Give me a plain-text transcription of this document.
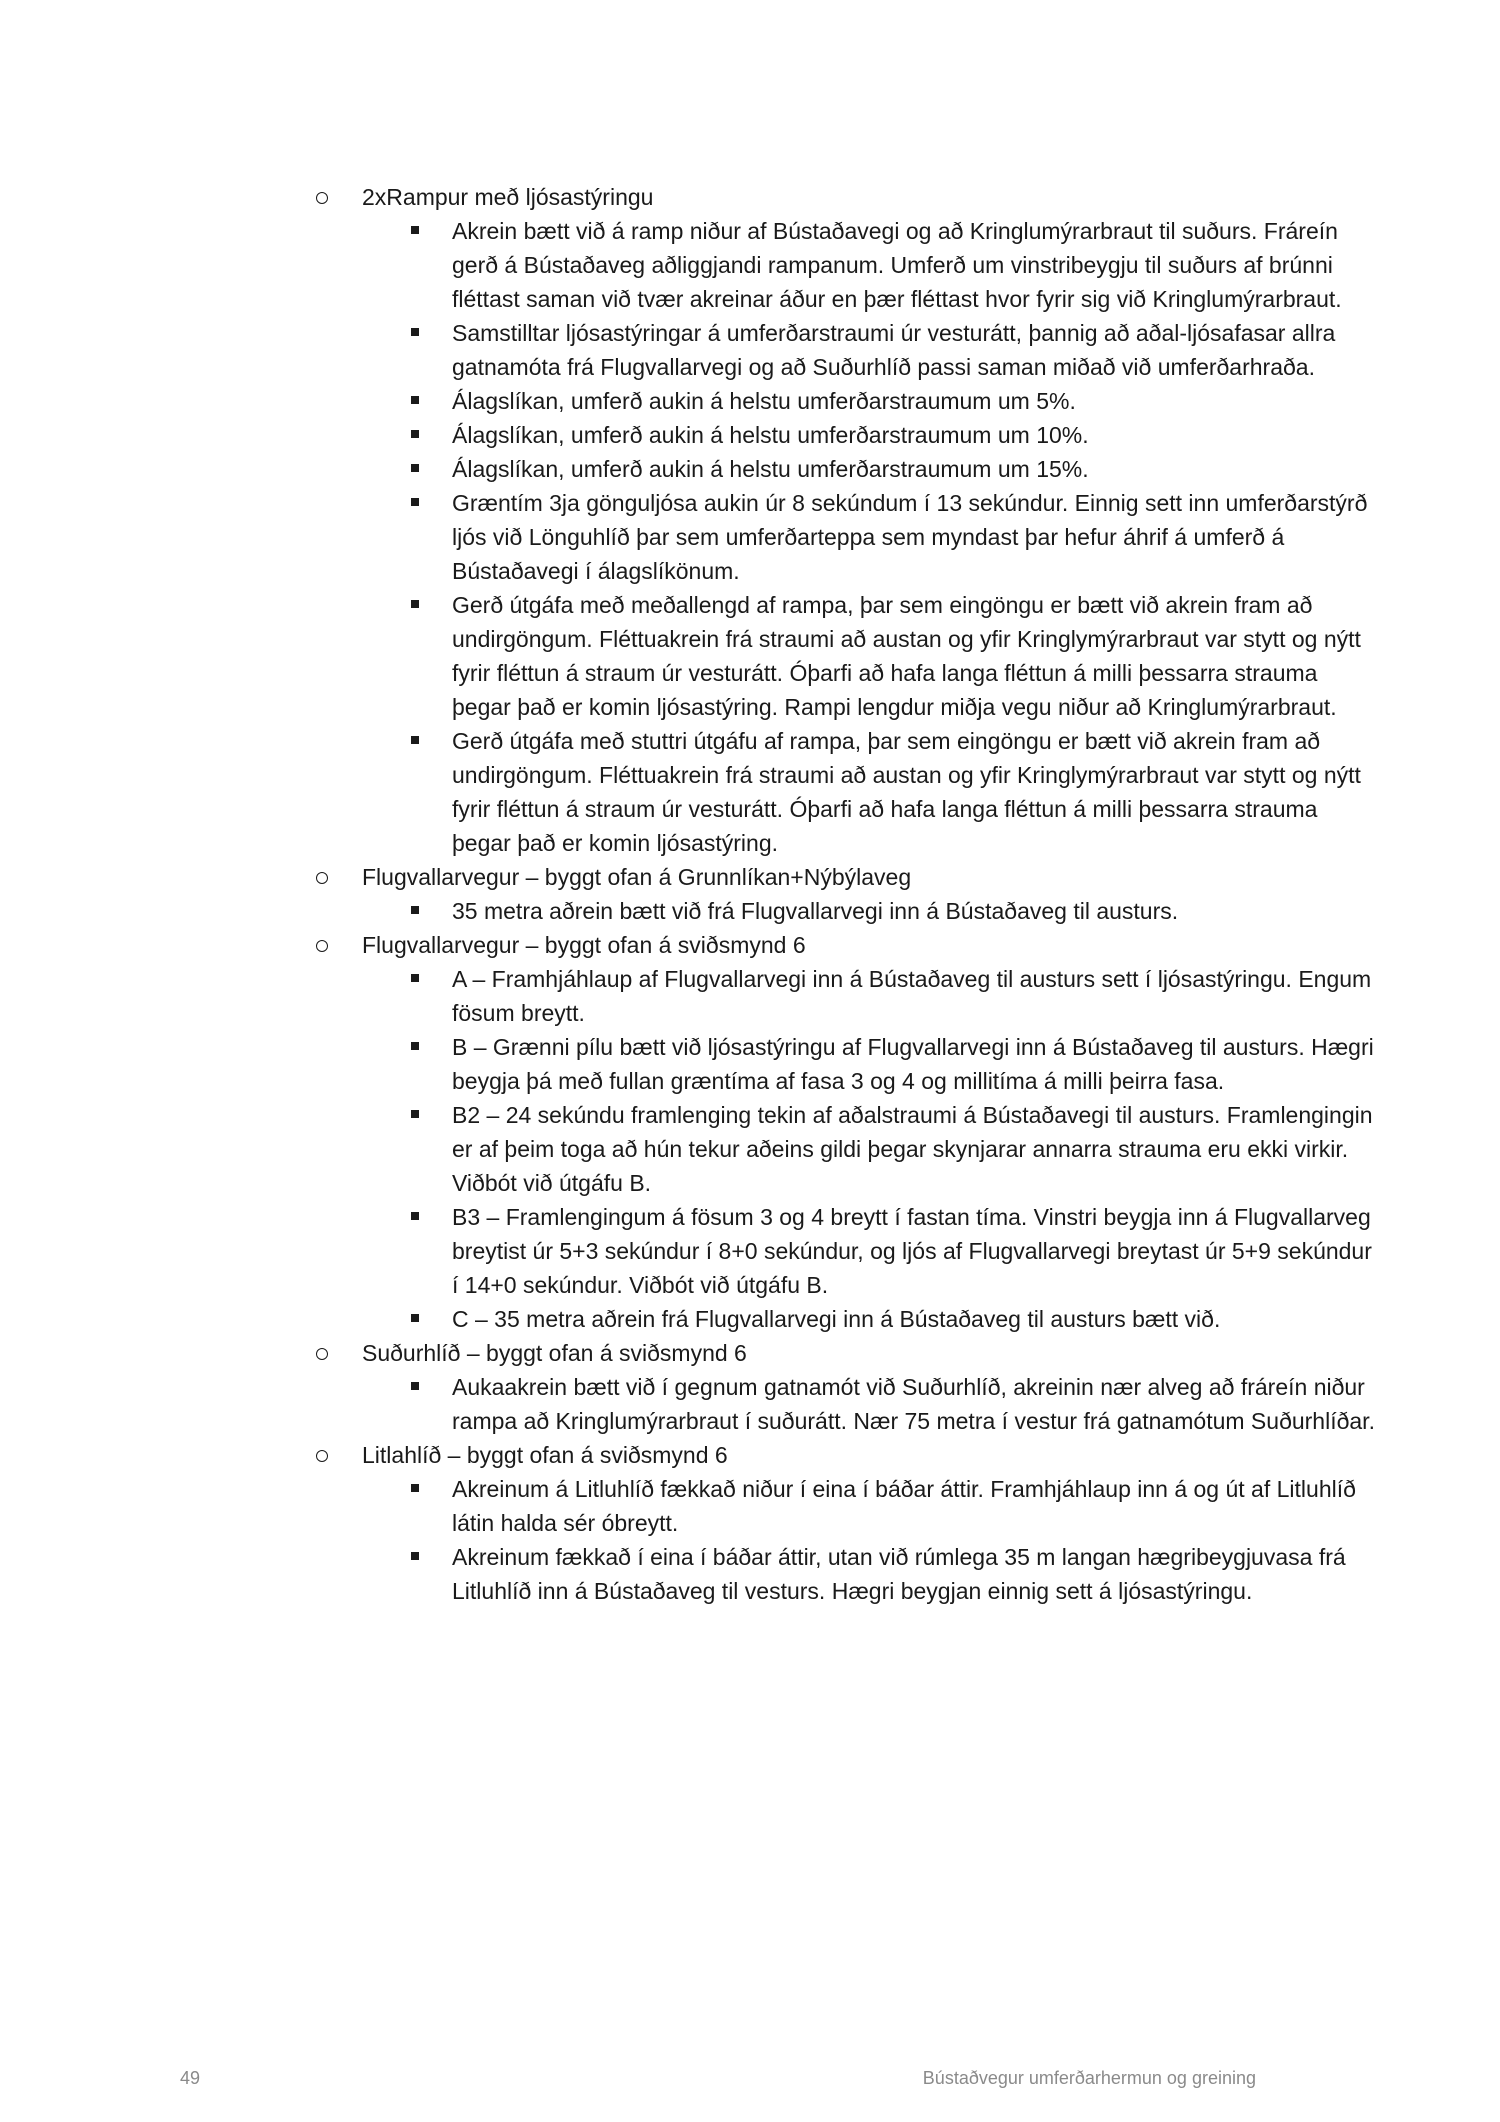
2xRampur með ljósastýringu
Akrein bætt við á ramp niður af Bústaðavegi og að Kringlumýrarbraut til suðurs. Fráreín gerð á Bústaðaveg aðliggjandi rampanum. Umferð um vinstribeygju til suðurs af brúnni fléttast saman við tvær akreinar áður en þær fléttast hvor fyrir sig við Kringlumýrarbraut.
Samstilltar ljósastýringar á umferðarstraumi úr vesturátt, þannig að aðal-ljósafasar allra gatnamóta frá Flugvallarvegi og að Suðurhlíð passi saman miðað við umferðarhraða.
Álagslíkan, umferð aukin á helstu umferðarstraumum um 5%.
Álagslíkan, umferð aukin á helstu umferðarstraumum um 10%.
Álagslíkan, umferð aukin á helstu umferðarstraumum um 15%.
Græntím 3ja gönguljósa aukin úr 8 sekúndum í 13 sekúndur. Einnig sett inn umferðarstýrð ljós við Lönguhlíð þar sem umferðarteppa sem myndast þar hefur áhrif á umferð á Bústaðavegi í álagslíkönum.
Gerð útgáfa með meðallengd af rampa, þar sem eingöngu er bætt við akrein fram að undirgöngum. Fléttuakrein frá straumi að austan og yfir Kringlymýrarbraut var stytt og nýtt fyrir fléttun á straum úr vesturátt. Óþarfi að hafa langa fléttun á milli þessarra strauma þegar það er komin ljósastýring. Rampi lengdur miðja vegu niður að Kringlumýrarbraut.
Gerð útgáfa með stuttri útgáfu af rampa, þar sem eingöngu er bætt við akrein fram að undirgöngum. Fléttuakrein frá straumi að austan og yfir Kringlymýrarbraut var stytt og nýtt fyrir fléttun á straum úr vesturátt. Óþarfi að hafa langa fléttun á milli þessarra strauma þegar það er komin ljósastýring.
Flugvallarvegur – byggt ofan á Grunnlíkan+Nýbýlaveg
35 metra aðrein bætt við frá Flugvallarvegi inn á Bústaðaveg til austurs.
Flugvallarvegur – byggt ofan á sviðsmynd 6
A – Framhjáhlaup af Flugvallarvegi inn á Bústaðaveg til austurs sett í ljósastýringu. Engum fösum breytt.
B – Grænni pílu bætt við ljósastýringu af Flugvallarvegi inn á Bústaðaveg til austurs. Hægri beygja þá með fullan græntíma af fasa 3 og 4 og millitíma á milli þeirra fasa.
B2 – 24 sekúndu framlenging tekin af aðalstraumi á Bústaðavegi til austurs. Framlengingin er af þeim toga að hún tekur aðeins gildi þegar skynjarar annarra strauma eru ekki virkir. Viðbót við útgáfu B.
B3 – Framlengingum á fösum 3 og 4 breytt í fastan tíma. Vinstri beygja inn á Flugvallarveg breytist úr 5+3 sekúndur í 8+0 sekúndur, og ljós af Flugvallarvegi breytast úr 5+9 sekúndur í 14+0 sekúndur. Viðbót við útgáfu B.
C – 35 metra aðrein frá Flugvallarvegi inn á Bústaðaveg til austurs bætt við.
Suðurhlíð – byggt ofan á sviðsmynd 6
Aukaakrein bætt við í gegnum gatnamót við Suðurhlíð, akreinin nær alveg að fráreín niður rampa að Kringlumýrarbraut í suðurátt. Nær 75 metra í vestur frá gatnamótum Suðurhlíðar.
Litlahlíð – byggt ofan á sviðsmynd 6
Akreinum á Litluhlíð fækkað niður í eina í báðar áttir. Framhjáhlaup inn á og út af Litluhlíð látin halda sér óbreytt.
Akreinum fækkað í eina í báðar áttir, utan við rúmlega 35 m langan hægribeygjuvasa frá Litluhlíð inn á Bústaðaveg til vesturs. Hægri beygjan einnig sett á ljósastýringu.
49	Bústaðvegur umferðarhermun og greining
